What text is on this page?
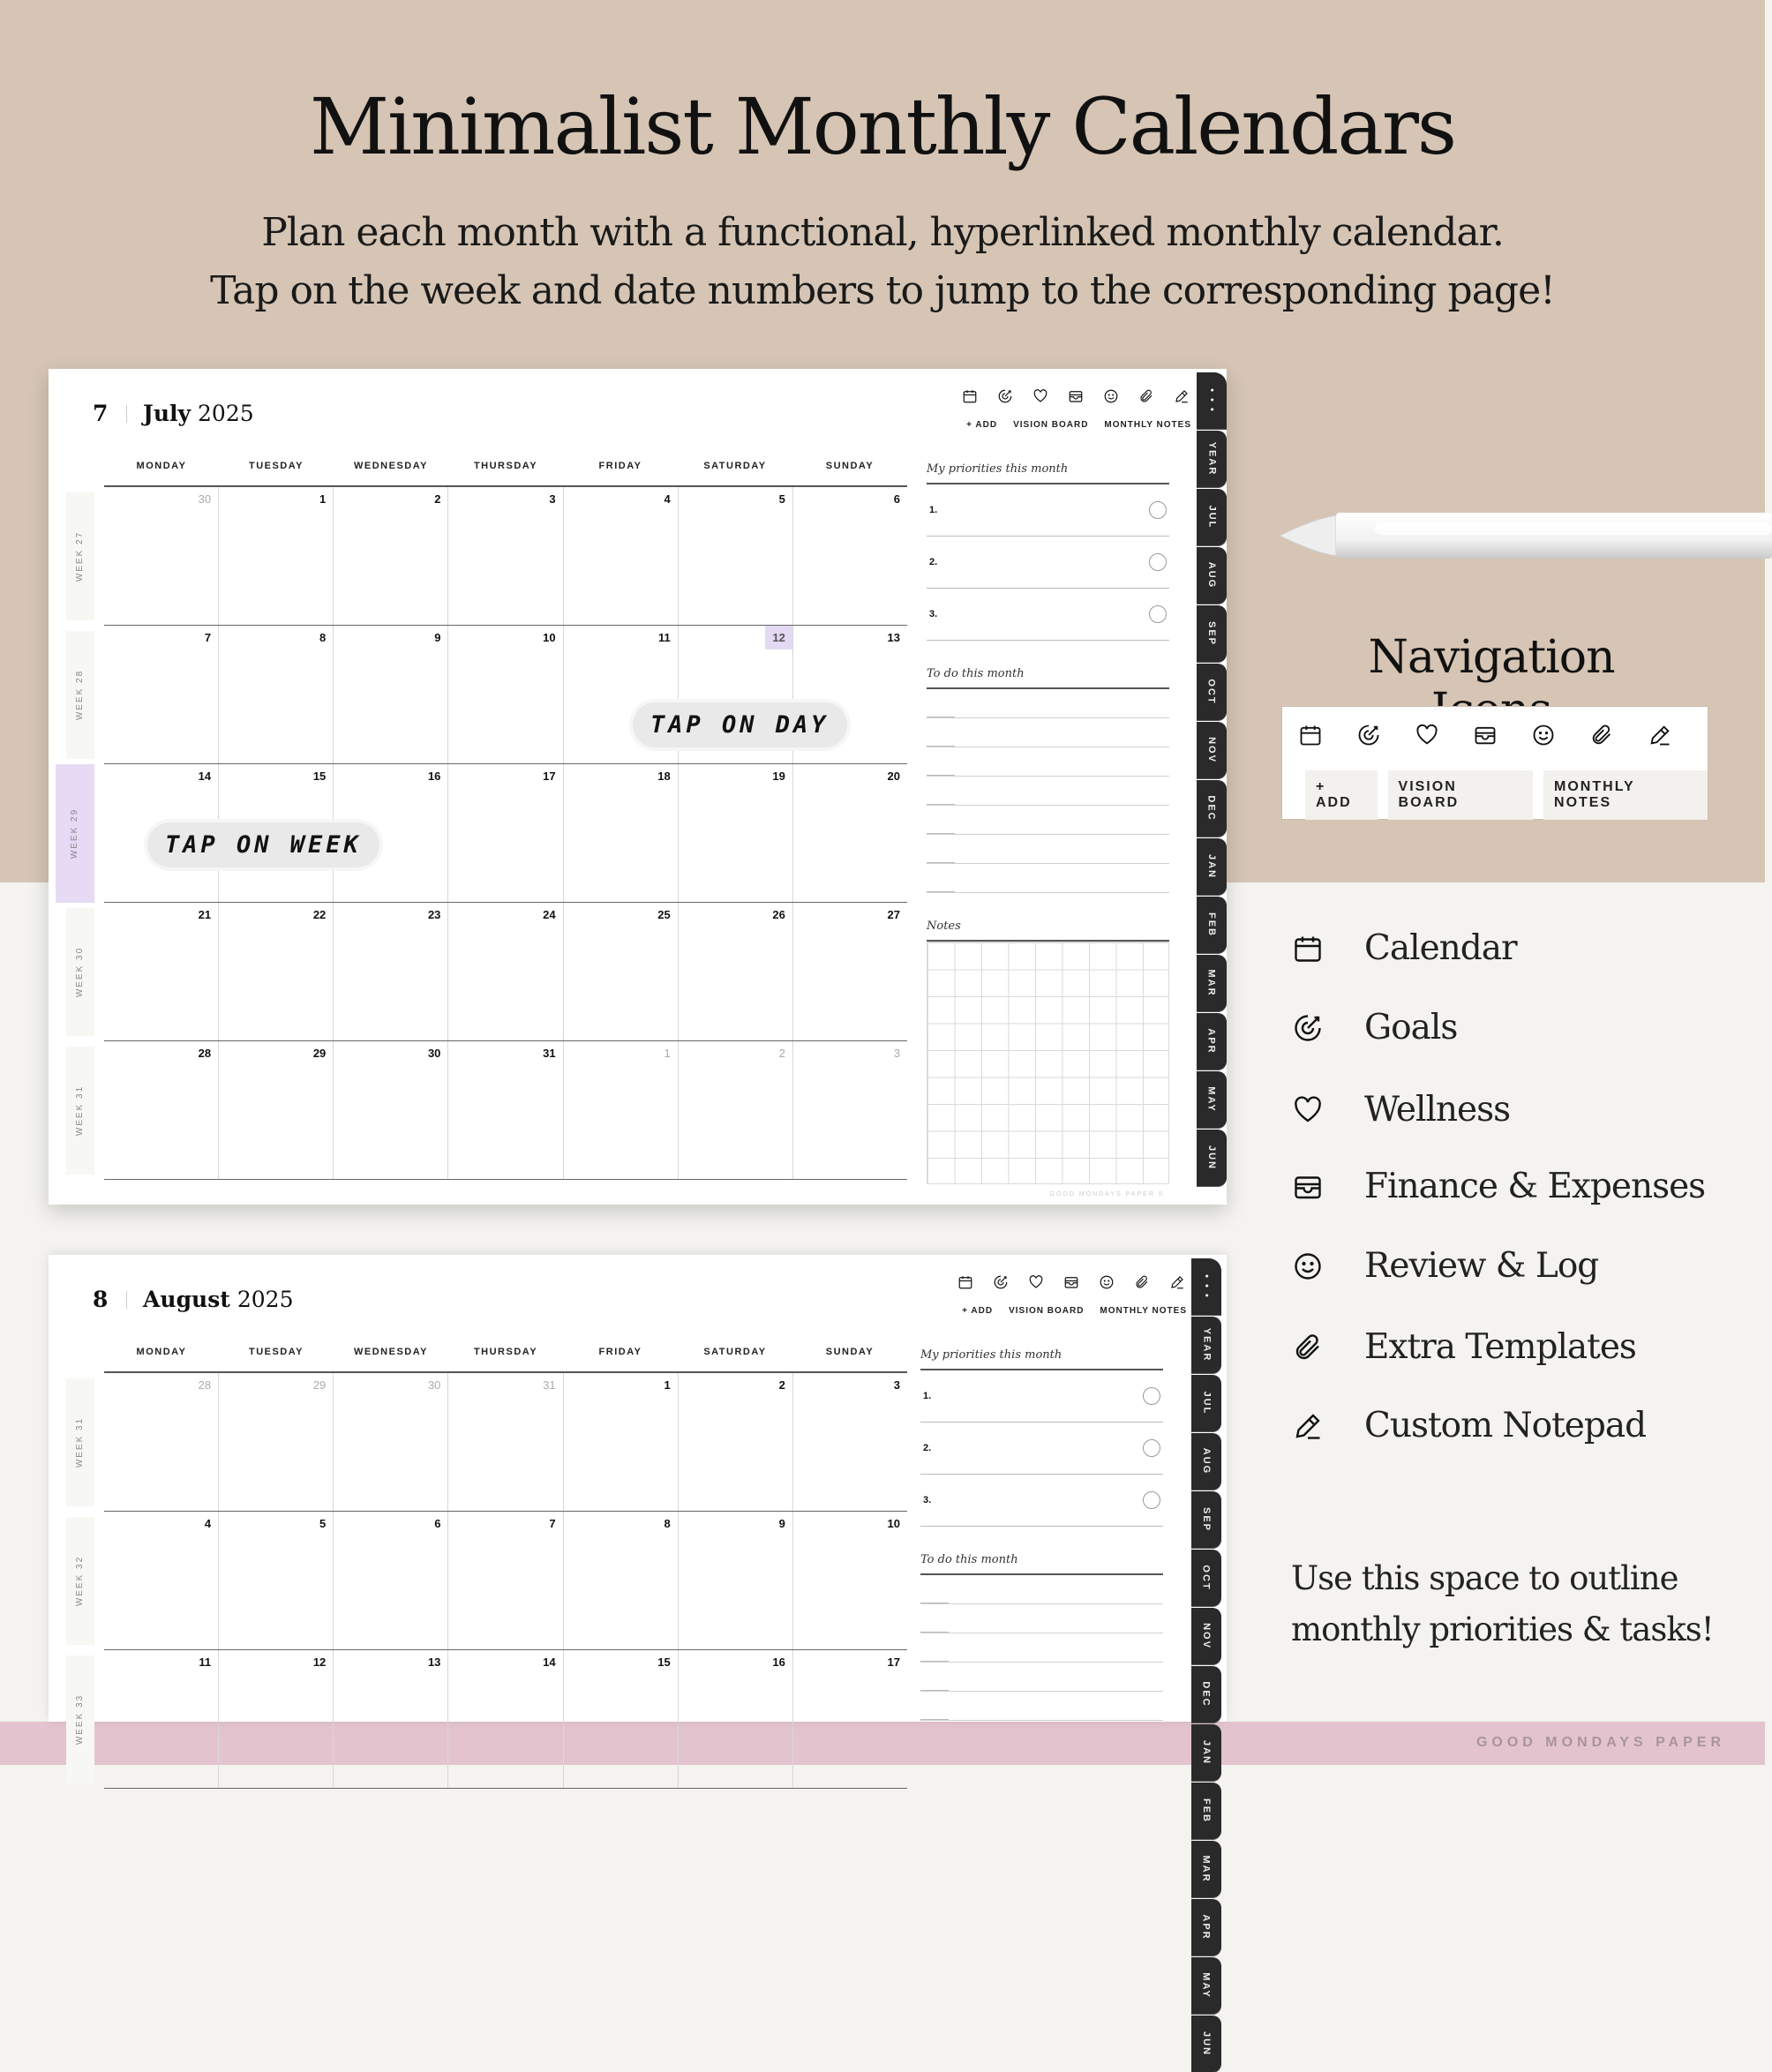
GOOD MONDAYS PAPER
Minimalist Monthly Calendars
Plan each month with a functional, hyperlinked monthly calendar.
Tap on the week and date numbers to jump to the corresponding page!
7	July 2025	+ ADD VISION BOARD MONTHLY NOTES
MONDAY	TUESDAY	WEDNESDAY	THURSDAY	FRIDAY	SATURDAY	SUNDAY
WEEK 27
WEEK 28
WEEK 29
WEEK 30
WEEK 31
30	1	2	3	4	5	6
7	8	9	10	11	12	13
14	15	16	17	18	19	20
21	22	23	24	25	26	27
28	29	30	31	1	2	3
My priorities this month
1.
2.
3.
To do this month
Notes
TAP ON DAY
TAP ON WEEK
GOOD MONDAYS PAPER ©
• • •
YEAR
JUL
AUG
SEP
OCT
NOV
DEC
JAN
FEB
MAR
APR
MAY
JUN
8	August 2025	+ ADD VISION BOARD MONTHLY NOTES
MONDAY	TUESDAY	WEDNESDAY	THURSDAY	FRIDAY	SATURDAY	SUNDAY
WEEK 31
WEEK 32
WEEK 33
28	29	30	31	1	2	3
4	5	6	7	8	9	10
11	12	13	14	15	16	17
My priorities this month
1.
2.
3.
To do this month
• • •
YEAR
JUL
AUG
SEP
OCT
NOV
DEC
JAN
FEB
MAR
APR
MAY
JUN
Navigation
+ ADD
VISION BOARD
MONTHLY NOTES
Calendar
Goals
Wellness
Finance & Expenses
Review & Log
Extra Templates
Custom Notepad
Use this space to outline
monthly priorities & tasks!
